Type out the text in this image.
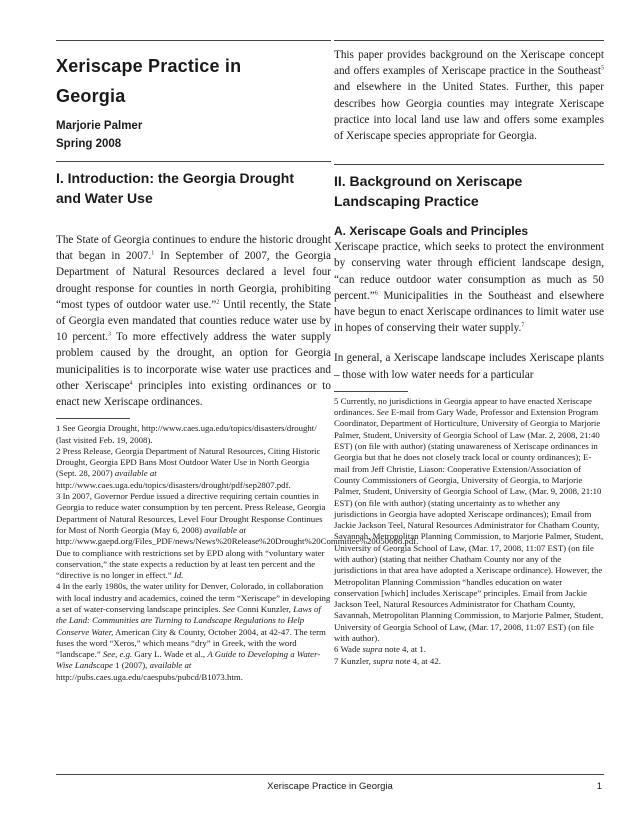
Xeriscape Practice in
Georgia

Marjorie Palmer

Spring 2008

I. Introduction: the Georgia Drought
and Water Use

The State of Georgia continues to endure the historic drought that began in 2007.$^1$ In September of 2007, the Georgia Department of Natural Resources declared a level four drought response for counties in north Georgia, prohibiting “most types of outdoor water use.”$^2$ Until recently, the State of Georgia even mandated that counties reduce water use by 10 percent.$^3$ To more effectively address the water supply problem caused by the drought, an option for Georgia municipalities is to incorporate wise water use practices and other Xeriscape$^4$ principles into existing ordinances or to enact new Xeriscape ordinances.

1 See Georgia Drought, http://www.caes.uga.edu/topics/disasters/drought/ (last visited Feb. 19, 2008).

2 Press Release, Georgia Department of Natural Resources, Citing Historic Drought, Georgia EPD Bans Most Outdoor Water Use in North Georgia (Sept. 28, 2007) available at http://www.caes.uga.edu/topics/disasters/drought/pdf/sep2807.pdf.

3 In 2007, Governor Perdue issued a directive requiring certain counties in Georgia to reduce water consumption by ten percent. Press Release, Georgia Department of Natural Resources, Level Four Drought Response Continues for Most of North Georgia (May 6, 2008) available at http://www.gaepd.org/Files_PDF/news/News%20Release%20Drought%20Committee%20050608.pdf. Due to compliance with restrictions set by EPD along with “voluntary water conservation,” the state expects a reduction by at least ten percent and the “directive is no longer in effect.” Id.

4 In the early 1980s, the water utility for Denver, Colorado, in collaboration with local industry and academics, coined the term “Xeriscape” in developing a set of water-conserving landscape principles. See Conni Kunzler, Laws of the Land: Communities are Turning to Landscape Regulations to Help Conserve Water, American City & County, October 2004, at 42-47. The term fuses the word “Xeros,” which means “dry” in Greek, with the word “landscape.” See, e.g. Gary L. Wade et al., A Guide to Developing a Water-Wise Landscape 1 (2007), available at http://pubs.caes.uga.edu/caespubs/pubcd/B1073.htm.

This paper provides background on the Xeriscape concept and offers examples of Xeriscape practice in the Southeast$^5$ and elsewhere in the United States. Further, this paper describes how Georgia counties may integrate Xeriscape practice into local land use law and offers some examples of Xeriscape species appropriate for Georgia.

II. Background on Xeriscape
Landscaping Practice

A. Xeriscape Goals and Principles

Xeriscape practice, which seeks to protect the environment by conserving water through efficient landscape design, “can reduce outdoor water consumption as much as 50 percent.”$^6$ Municipalities in the Southeast and elsewhere have begun to enact Xeriscape ordinances to limit water use in hopes of conserving their water supply.$^7$

In general, a Xeriscape landscape includes Xeriscape plants – those with low water needs for a particular

5 Currently, no jurisdictions in Georgia appear to have enacted Xeriscape ordinances. See E-mail from Gary Wade, Professor and Extension Program Coordinator, Department of Horticulture, University of Georgia to Marjorie Palmer, Student, University of Georgia School of Law (Mar. 2, 2008, 21:40 EST) (on file with author) (stating unawareness of Xeriscape ordinances in Georgia but that he does not closely track local or county ordinances); E-mail from Jeff Christie, Liason: Cooperative Extension/Association of County Commissioners of Georgia, University of Georgia, to Marjorie Palmer, Student, University of Georgia School of Law, (Mar. 9, 2008, 21:10 EST) (on file with author) (stating uncertainty as to whether any jurisdictions in Georgia have adopted Xeriscape ordinances); Email from Jackie Jackson Teel, Natural Resources Administrator for Chatham County, Savannah, Metropolitan Planning Commission, to Marjorie Palmer, Student, University of Georgia School of Law, (Mar. 17, 2008, 11:07 EST) (on file with author) (stating that neither Chatham County nor any of the jurisdictions in that area have adopted a Xeriscape ordinance). However, the Metropolitan Planning Commission “handles education on water conservation [which] includes Xeriscape” principles. Email from Jackie Jackson Teel, Natural Resources Administrator for Chatham County, Savannah, Metropolitan Planning Commission, to Marjorie Palmer, Student, University of Georgia School of Law, (Mar. 17, 2008, 11:07 EST) (on file with author).

6 Wade supra note 4, at 1.

7 Kunzler, supra note 4, at 42.

Xeriscape Practice in Georgia	1
